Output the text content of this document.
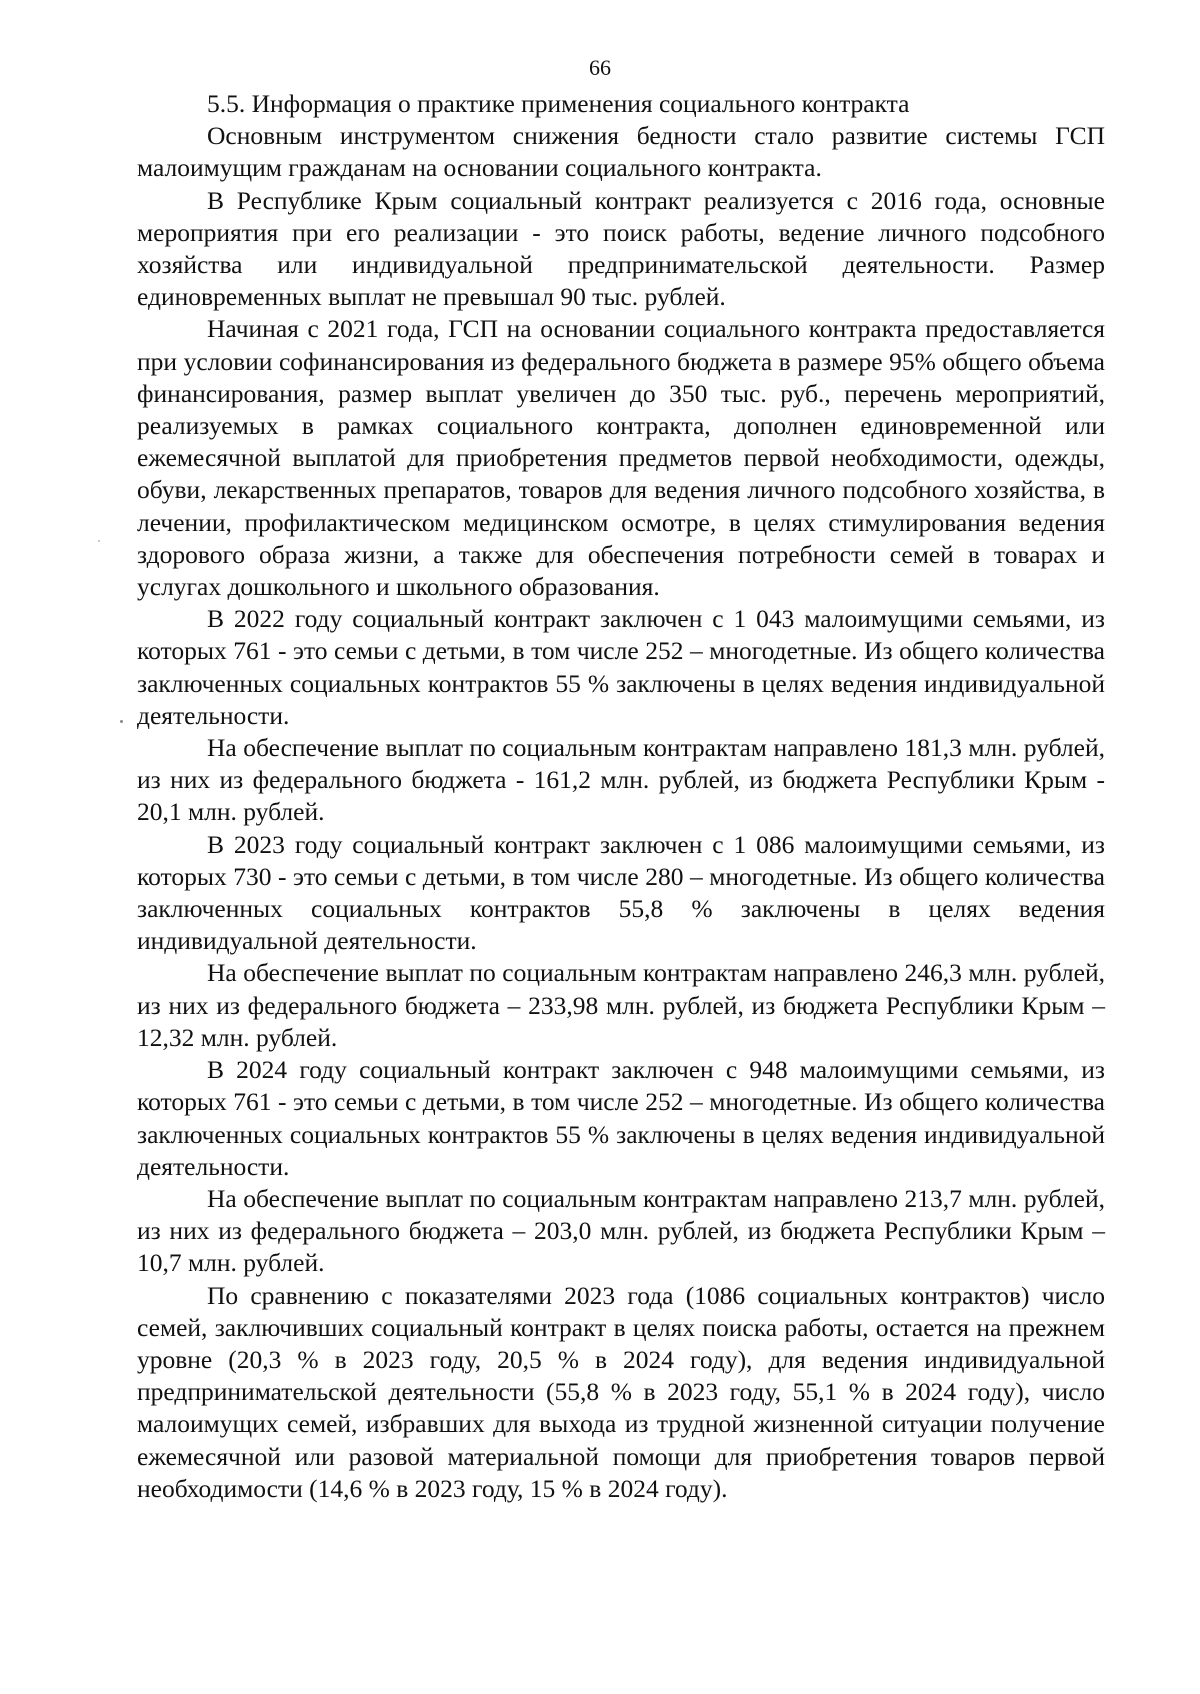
66

5.5. Информация о практике применения социального контракта

Основным инструментом снижения бедности стало развитие системы ГСП малоимущим гражданам на основании социального контракта.

В Республике Крым социальный контракт реализуется с 2016 года, основные мероприятия при его реализации - это поиск работы, ведение личного подсобного хозяйства или индивидуальной предпринимательской деятельности. Размер единовременных выплат не превышал 90 тыс. рублей.

Начиная с 2021 года, ГСП на основании социального контракта предоставляется при условии софинансирования из федерального бюджета в размере 95% общего объема финансирования, размер выплат увеличен до 350 тыс. руб., перечень мероприятий, реализуемых в рамках социального контракта, дополнен единовременной или ежемесячной выплатой для приобретения предметов первой необходимости, одежды, обуви, лекарственных препаратов, товаров для ведения личного подсобного хозяйства, в лечении, профилактическом медицинском осмотре, в целях стимулирования ведения здорового образа жизни, а также для обеспечения потребности семей в товарах и услугах дошкольного и школьного образования.

В 2022 году социальный контракт заключен с 1 043 малоимущими семьями, из которых 761 - это семьи с детьми, в том числе 252 – многодетные. Из общего количества заключенных социальных контрактов 55 % заключены в целях ведения индивидуальной деятельности.

На обеспечение выплат по социальным контрактам направлено 181,3 млн. рублей, из них из федерального бюджета - 161,2 млн. рублей, из бюджета Республики Крым - 20,1 млн. рублей.

В 2023 году социальный контракт заключен с 1 086 малоимущими семьями, из которых 730 - это семьи с детьми, в том числе 280 – многодетные. Из общего количества заключенных социальных контрактов 55,8 % заключены в целях ведения индивидуальной деятельности.

На обеспечение выплат по социальным контрактам направлено 246,3 млн. рублей, из них из федерального бюджета – 233,98 млн. рублей, из бюджета Республики Крым – 12,32 млн. рублей.

В 2024 году социальный контракт заключен с 948 малоимущими семьями, из которых 761 - это семьи с детьми, в том числе 252 – многодетные. Из общего количества заключенных социальных контрактов 55 % заключены в целях ведения индивидуальной деятельности.

На обеспечение выплат по социальным контрактам направлено 213,7 млн. рублей, из них из федерального бюджета – 203,0 млн. рублей, из бюджета Республики Крым – 10,7 млн. рублей.

По сравнению с показателями 2023 года (1086 социальных контрактов) число семей, заключивших социальный контракт в целях поиска работы, остается на прежнем уровне (20,3 % в 2023 году, 20,5 % в 2024 году), для ведения индивидуальной предпринимательской деятельности (55,8 % в 2023 году, 55,1 % в 2024 году), число малоимущих семей, избравших для выхода из трудной жизненной ситуации получение ежемесячной или разовой материальной помощи для приобретения товаров первой необходимости (14,6 % в 2023 году, 15 % в 2024 году).
